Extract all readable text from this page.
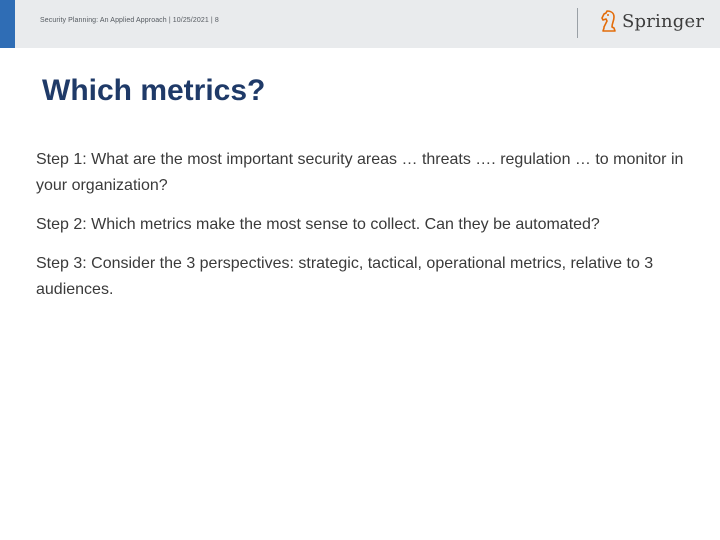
Security Planning: An Applied Approach | 10/25/2021 | 8	Springer
Which metrics?
Step 1: What are the most important security areas … threats …. regulation … to monitor in your organization?
Step 2: Which metrics make the most sense to collect. Can they be automated?
Step 3: Consider the 3 perspectives: strategic, tactical, operational metrics, relative to 3 audiences.
